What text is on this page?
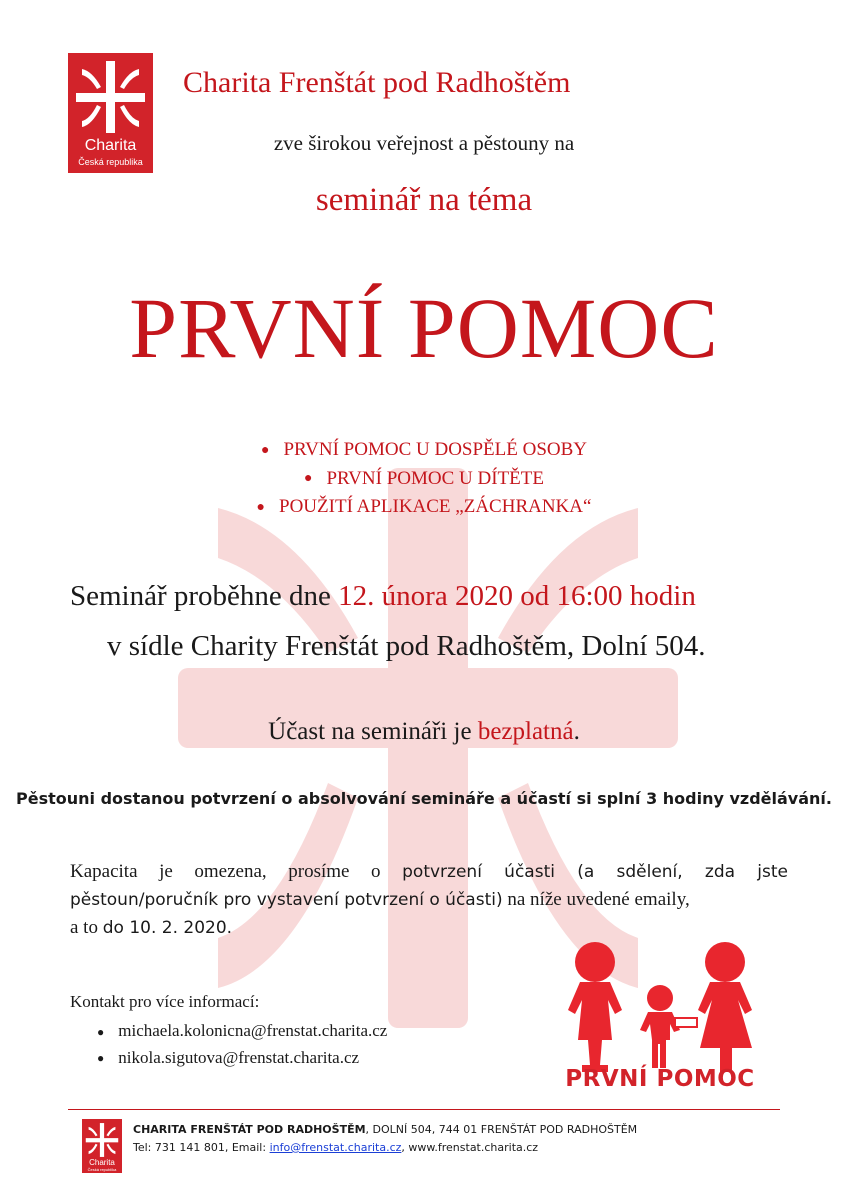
Charita
Česká republika
Charita Frenštát pod Radhoštěm
zve širokou veřejnost a pěstouny na
seminář na téma
PRVNÍ POMOC
● PRVNÍ POMOC U DOSPĚLÉ OSOBY
● PRVNÍ POMOC U DÍTĚTE
● POUŽITÍ APLIKACE „ZÁCHRANKA“
Seminář proběhne dne 12. února 2020 od 16:00 hodin
v sídle Charity Frenštát pod Radhoštěm, Dolní 504.
Účast na semináři je bezplatná.
Pěstouni dostanou potvrzení o absolvování semináře a účastí si splní 3 hodiny vzdělávání.
Kapacita je omezena, prosíme o potvrzení účasti (a sdělení, zda jste
pěstoun/poručník pro vystavení potvrzení o účasti) na níže uvedené emaily,
a to do 10. 2. 2020.
Kontakt pro více informací:
● michaela.kolonicna@frenstat.charita.cz
● nikola.sigutova@frenstat.charita.cz
PRVNÍ POMOC
Charita
Česká republika
CHARITA FRENŠTÁT POD RADHOŠTĚM, DOLNÍ 504, 744 01 FRENŠTÁT POD RADHOŠTĚM
Tel: 731 141 801, Email: info@frenstat.charita.cz, www.frenstat.charita.cz
